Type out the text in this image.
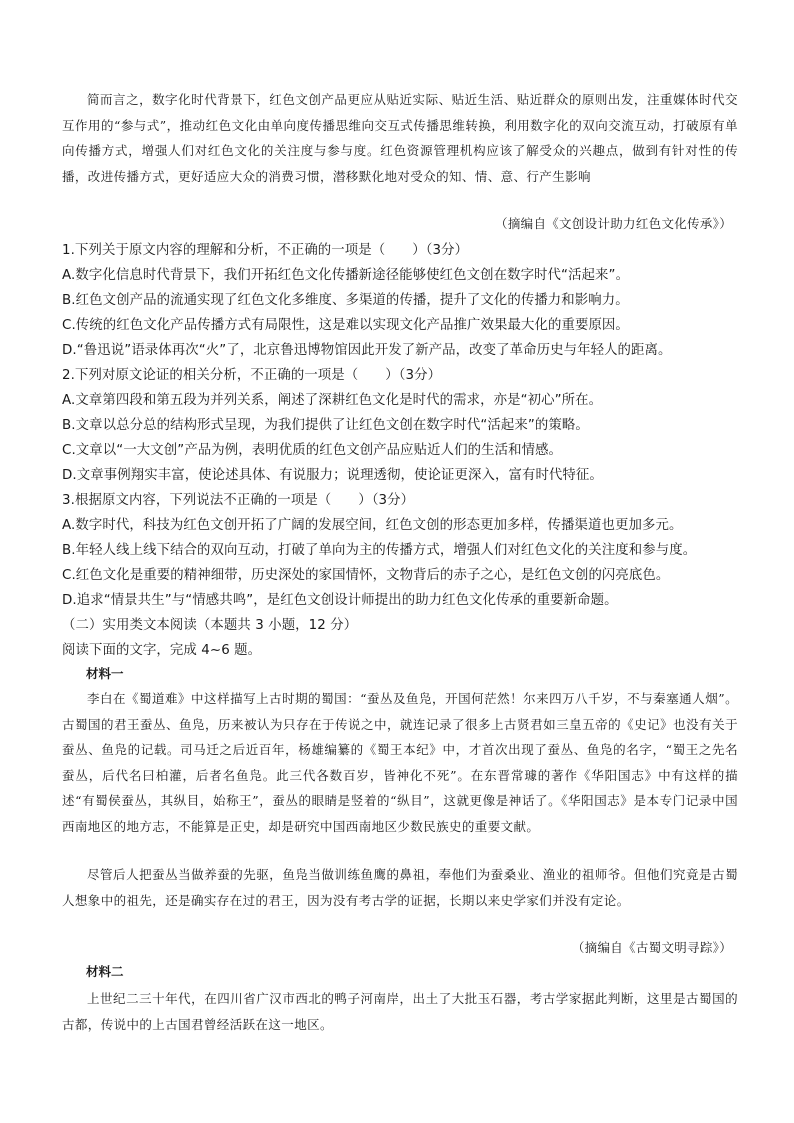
简而言之，数字化时代背景下，红色文创产品更应从贴近实际、贴近生活、贴近群众的原则出发，注重媒体时代交互作用的“参与式”，推动红色文化由单向度传播思维向交互式传播思维转换，利用数字化的双向交流互动，打破原有单向传播方式，增强人们对红色文化的关注度与参与度。红色资源管理机构应该了解受众的兴趣点，做到有针对性的传播，改进传播方式，更好适应大众的消费习惯，潜移默化地对受众的知、情、意、行产生影响

（摘编自《文创设计助力红色文化传承》）
1.下列关于原文内容的理解和分析，不正确的一项是（　　）（3分）
A.数字化信息时代背景下，我们开拓红色文化传播新途径能够使红色文创在数字时代“活起来”。
B.红色文创产品的流通实现了红色文化多维度、多渠道的传播，提升了文化的传播力和影响力。
C.传统的红色文化产品传播方式有局限性，这是难以实现文化产品推广效果最大化的重要原因。
D.“鲁迅说”语录体再次“火”了，北京鲁迅博物馆因此开发了新产品，改变了革命历史与年轻人的距离。
2.下列对原文论证的相关分析，不正确的一项是（　　）（3分）
A.文章第四段和第五段为并列关系，阐述了深耕红色文化是时代的需求，亦是“初心”所在。
B.文章以总分总的结构形式呈现，为我们提供了让红色文创在数字时代“活起来”的策略。
C.文章以“一大文创”产品为例，表明优质的红色文创产品应贴近人们的生活和情感。
D.文章事例翔实丰富，使论述具体、有说服力；说理透彻，使论证更深入，富有时代特征。
3.根据原文内容，下列说法不正确的一项是（　　）（3分）
A.数字时代，科技为红色文创开拓了广阔的发展空间，红色文创的形态更加多样，传播渠道也更加多元。
B.年轻人线上线下结合的双向互动，打破了单向为主的传播方式，增强人们对红色文化的关注度和参与度。
C.红色文化是重要的精神细带，历史深处的家国情怀，文物背后的赤子之心，是红色文创的闪亮底色。
D.追求“情景共生”与“情感共鸣”，是红色文创设计师提出的助力红色文化传承的重要新命题。
（二）实用类文本阅读（本题共 3 小题，12 分）
阅读下面的文字，完成 4~6 题。
材料一

李白在《蜀道难》中这样描写上古时期的蜀国：“蚕丛及鱼凫，开国何茫然！尔来四万八千岁，不与秦塞通人烟”。古蜀国的君王蚕丛、鱼凫，历来被认为只存在于传说之中，就连记录了很多上古贤君如三皇五帝的《史记》也没有关于蚕丛、鱼凫的记载。司马迁之后近百年，杨雄编纂的《蜀王本纪》中，才首次出现了蚕丛、鱼凫的名字，“蜀王之先名蚕丛，后代名曰柏灌，后者名鱼凫。此三代各数百岁，皆神化不死”。在东晋常璩的著作《华阳国志》中有这样的描述“有蜀侯蚕丛，其纵目，始称王”，蚕丛的眼睛是竖着的“纵目”，这就更像是神话了。《华阳国志》是本专门记录中国西南地区的地方志，不能算是正史，却是研究中国西南地区少数民族史的重要文献。

尽管后人把蚕丛当做养蚕的先驱，鱼凫当做训练鱼鹰的鼻祖，奉他们为蚕桑业、渔业的祖师爷。但他们究竟是古蜀人想象中的祖先，还是确实存在过的君王，因为没有考古学的证据，长期以来史学家们并没有定论。

（摘编自《古蜀文明寻踪》）
材料二

上世纪二三十年代，在四川省广汉市西北的鸭子河南岸，出土了大批玉石器，考古学家据此判断，这里是古蜀国的古都，传说中的上古国君曾经活跃在这一地区。
